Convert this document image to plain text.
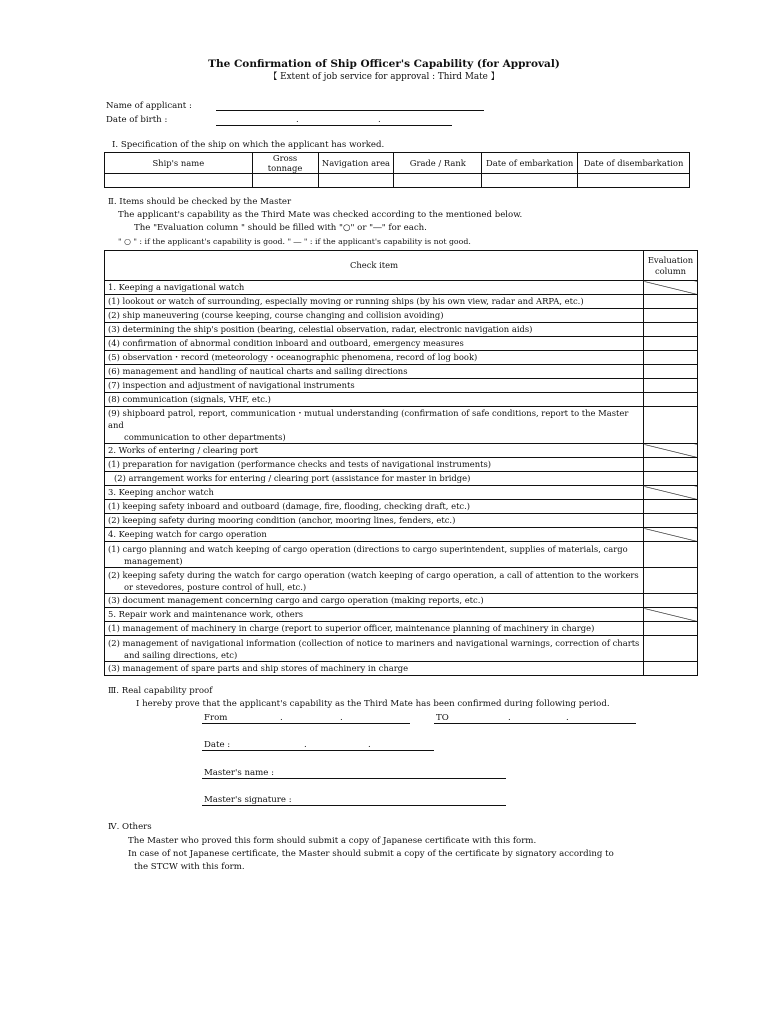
The Confirmation of Ship Officer's Capability (for Approval)
【 Extent of job service for approval : Third Mate 】
Name of applicant :
Date of birth :	.	.
Ⅰ. Specification of the ship on which the applicant has worked.
Ship's name	Gross tonnage	Navigation area	Grade / Rank	Date of embarkation	Date of disembarkation

Ⅱ. Items should be checked by the Master
The applicant's capability as the Third Mate was checked according to the mentioned below.
The "Evaluation column " should be filled with "○" or "―" for each.
" ○ " : if the applicant's capability is good. " ― " : if the applicant's capability is not good.
Check item	Evaluation column
1. Keeping a navigational watch	
(1) lookout or watch of surrounding, especially moving or running ships (by his own view, radar and ARPA, etc.)	
(2) ship maneuvering (course keeping, course changing and collision avoiding)	
(3) determining the ship's position (bearing, celestial observation, radar, electronic navigation aids)	
(4) confirmation of abnormal condition inboard and outboard, emergency measures	
(5) observation・record (meteorology・oceanographic phenomena, record of log book)	
(6) management and handling of nautical charts and sailing directions	
(7) inspection and adjustment of navigational instruments	
(8) communication (signals, VHF, etc.)	
(9) shipboard patrol, report, communication・mutual understanding (confirmation of safe conditions, report to the Master and
communication to other departments)	

2. Works of entering / clearing port	
(1) preparation for navigation (performance checks and tests of navigational instruments)	
(2) arrangement works for entering / clearing port (assistance for master in bridge)	
3. Keeping anchor watch	
(1) keeping safety inboard and outboard (damage, fire, flooding, checking draft, etc.)	
(2) keeping safety during mooring condition (anchor, mooring lines, fenders, etc.)	
4. Keeping watch for cargo operation	
(1) cargo planning and watch keeping of cargo operation (directions to cargo superintendent, supplies of materials, cargo
management)	

(2) keeping safety during the watch for cargo operation (watch keeping of cargo operation, a call of attention to the workers
or stevedores, posture control of hull, etc.)	

(3) document management concerning cargo and cargo operation (making reports, etc.)	
5. Repair work and maintenance work, others	
(1) management of machinery in charge (report to superior officer, maintenance planning of machinery in charge)	
(2) management of navigational information (collection of notice to mariners and navigational warnings, correction of charts
and sailing directions, etc)	

(3) management of spare parts and ship stores of machinery in charge	
Ⅲ. Real capability proof
I hereby prove that the applicant's capability as the Third Mate has been confirmed during following period.
From	.	.	TO	.	.
Date :	.	.
Master's name :
Master's signature :
Ⅳ. Others
The Master who proved this form should submit a copy of Japanese certificate with this form.
In case of not Japanese certificate, the Master should submit a copy of the certificate by signatory according to
the STCW with this form.
